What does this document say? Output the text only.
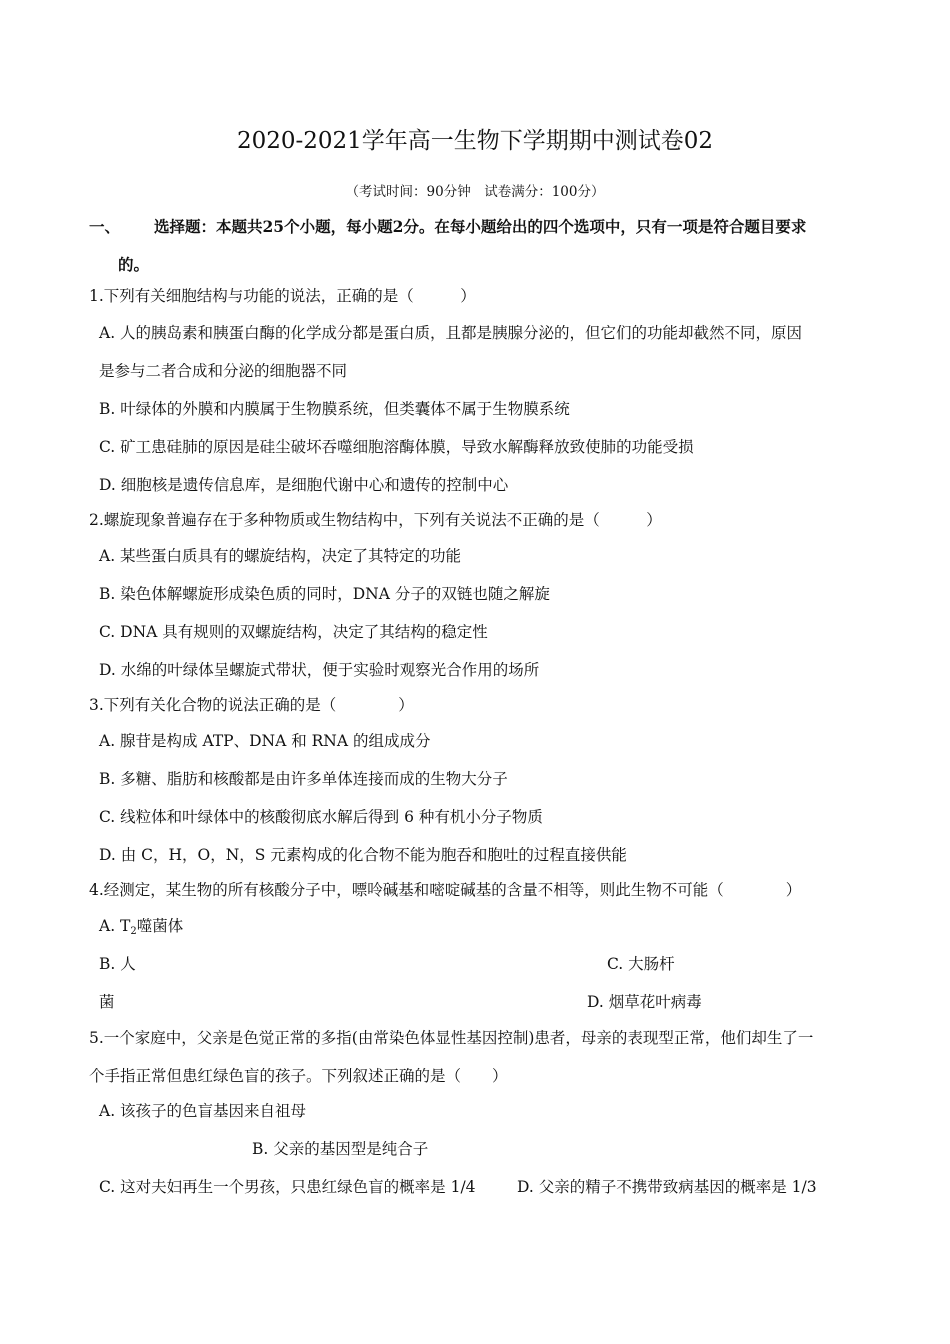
2020-2021学年高一生物下学期期中测试卷02
（考试时间：90分钟　试卷满分：100分）
一、 选择题：本题共25个小题，每小题2分。在每小题给出的四个选项中，只有一项是符合题目要求
的。
1.下列有关细胞结构与功能的说法，正确的是（　　　）
A. 人的胰岛素和胰蛋白酶的化学成分都是蛋白质，且都是胰腺分泌的，但它们的功能却截然不同，原因
是参与二者合成和分泌的细胞器不同
B. 叶绿体的外膜和内膜属于生物膜系统，但类囊体不属于生物膜系统
C. 矿工患硅肺的原因是硅尘破坏吞噬细胞溶酶体膜，导致水解酶释放致使肺的功能受损
D. 细胞核是遗传信息库，是细胞代谢中心和遗传的控制中心
2.螺旋现象普遍存在于多种物质或生物结构中，下列有关说法不正确的是（　　　）
A. 某些蛋白质具有的螺旋结构，决定了其特定的功能
B. 染色体解螺旋形成染色质的同时，DNA 分子的双链也随之解旋
C. DNA 具有规则的双螺旋结构，决定了其结构的稳定性
D. 水绵的叶绿体呈螺旋式带状，便于实验时观察光合作用的场所
3.下列有关化合物的说法正确的是（　　　　）
A. 腺苷是构成 ATP、DNA 和 RNA 的组成成分
B. 多糖、脂肪和核酸都是由许多单体连接而成的生物大分子
C. 线粒体和叶绿体中的核酸彻底水解后得到 6 种有机小分子物质
D. 由 C，H，O，N，S 元素构成的化合物不能为胞吞和胞吐的过程直接供能
4.经测定，某生物的所有核酸分子中，嘌呤碱基和嘧啶碱基的含量不相等，则此生物不可能（　　　　）
A. $T_2$噬菌体
B. 人	C. 大肠杆
菌	D. 烟草花叶病毒
5.一个家庭中，父亲是色觉正常的多指(由常染色体显性基因控制)患者，母亲的表现型正常，他们却生了一
个手指正常但患红绿色盲的孩子。下列叙述正确的是（　　）
A. 该孩子的色盲基因来自祖母
B. 父亲的基因型是纯合子
C. 这对夫妇再生一个男孩，只患红绿色盲的概率是 1/4	D. 父亲的精子不携带致病基因的概率是 1/3
